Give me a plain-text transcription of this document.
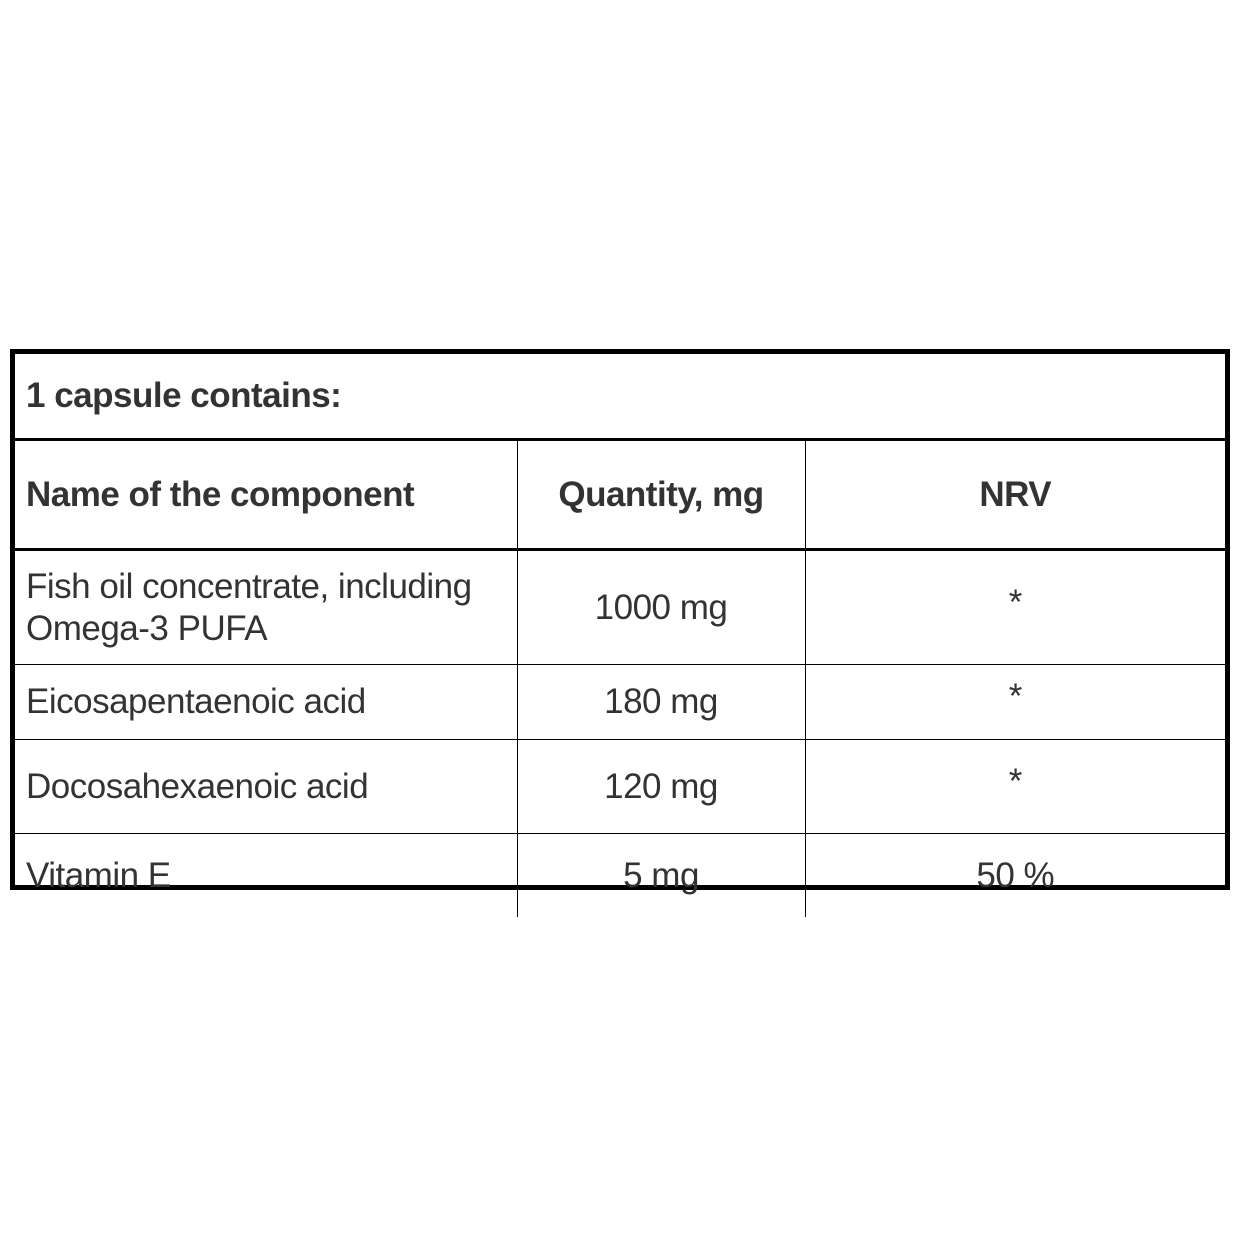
1 capsule contains:		
Name of the component	Quantity, mg	NRV
Fish oil concentrate, including
Omega-3 PUFA	1000 mg	*
Eicosapentaenoic acid	180 mg	*
Docosahexaenoic acid	120 mg	*
Vitamin E	5 mg	50 %
